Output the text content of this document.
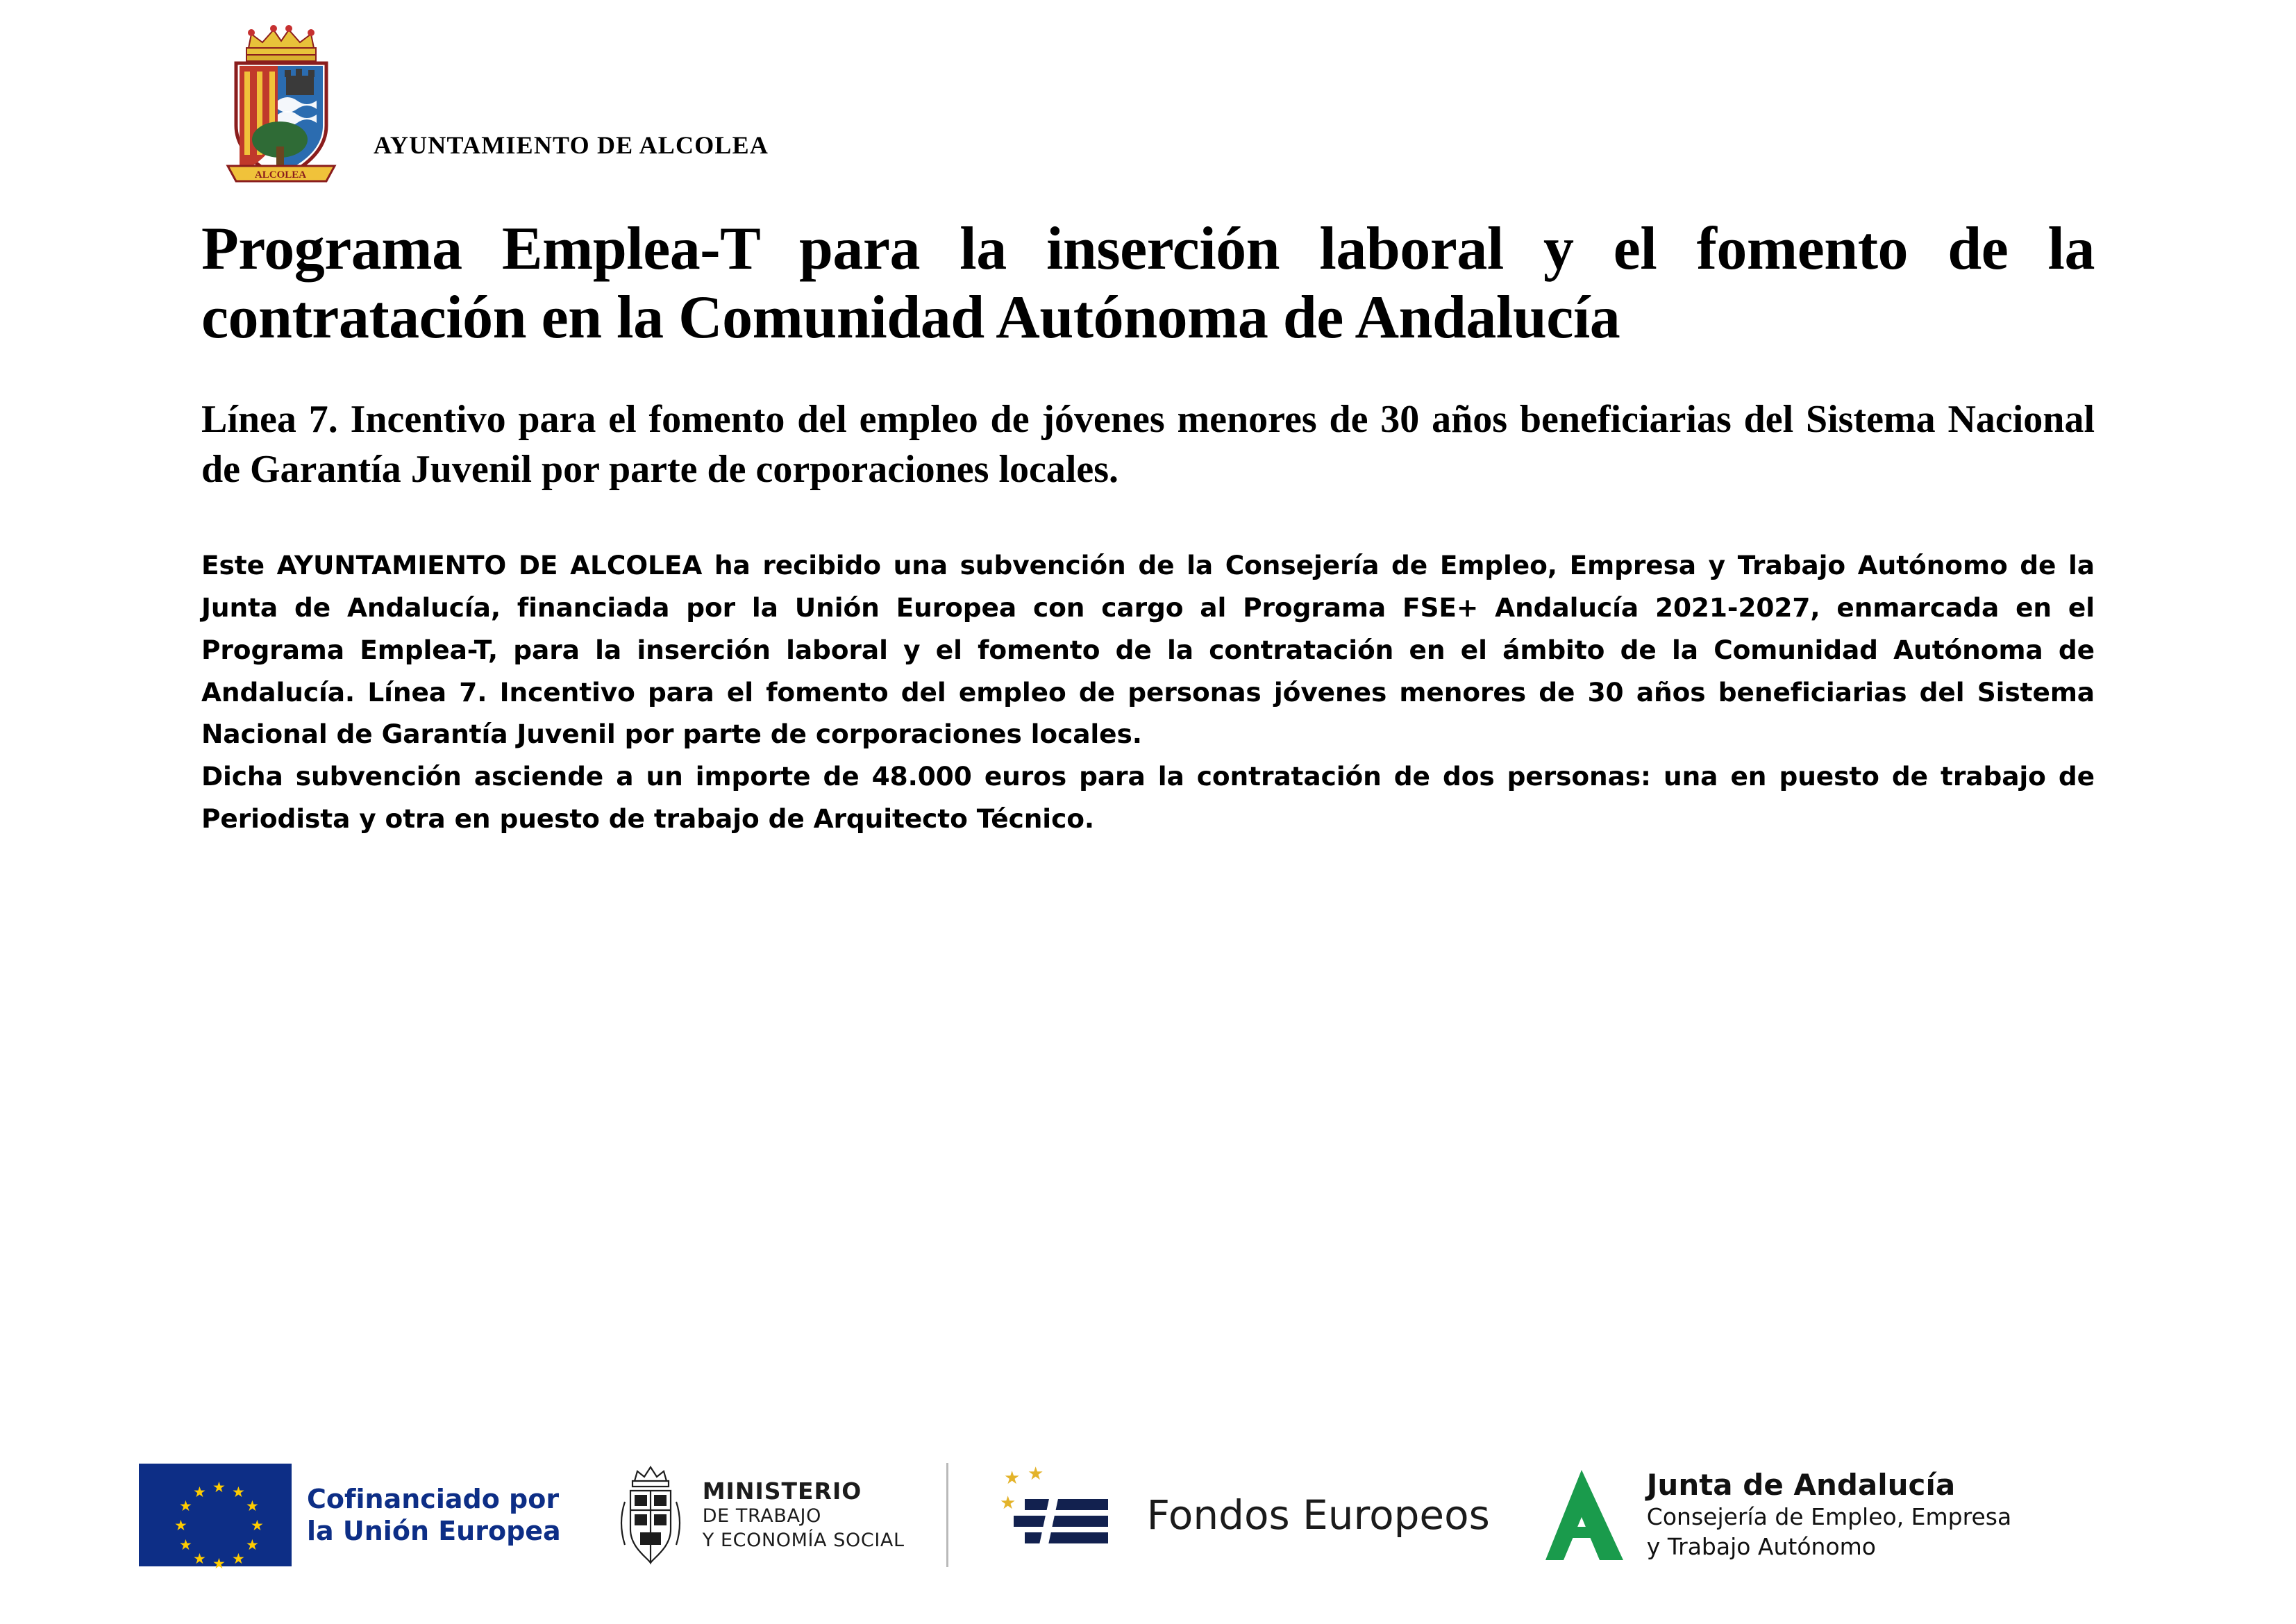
ALCOLEA
AYUNTAMIENTO DE ALCOLEA
Programa Emplea-T para la inserción laboral y el fomento de la contratación en la Comunidad Autónoma de Andalucía
Línea 7. Incentivo para el fomento del empleo de jóvenes menores de 30 años beneficiarias del Sistema Nacional de Garantía Juvenil por parte de corporaciones locales.

Este AYUNTAMIENTO DE ALCOLEA ha recibido una subvención de la Consejería de Empleo, Empresa y Trabajo Autónomo de la Junta de Andalucía, financiada por la Unión Europea con cargo al Programa FSE+ Andalucía 2021-2027, enmarcada en el Programa Emplea-T, para la inserción laboral y el fomento de la contratación en el ámbito de la Comunidad Autónoma de Andalucía. Línea 7. Incentivo para el fomento del empleo de personas jóvenes menores de 30 años beneficiarias del Sistema Nacional de Garantía Juvenil por parte de corporaciones locales.

Dicha subvención asciende a un importe de 48.000 euros para la contratación de dos personas: una en puesto de trabajo de Periodista y otra en puesto de trabajo de Arquitecto Técnico.

★ ★
★
★
★
★
★
★
★
★
★
★	Cofinanciado por
la Unión Europea
MINISTERIO
DE TRABAJO
Y ECONOMÍA SOCIAL
★ ★
★	Fondos Europeos
Junta de Andalucía
Consejería de Empleo, Empresa
y Trabajo Autónomo
